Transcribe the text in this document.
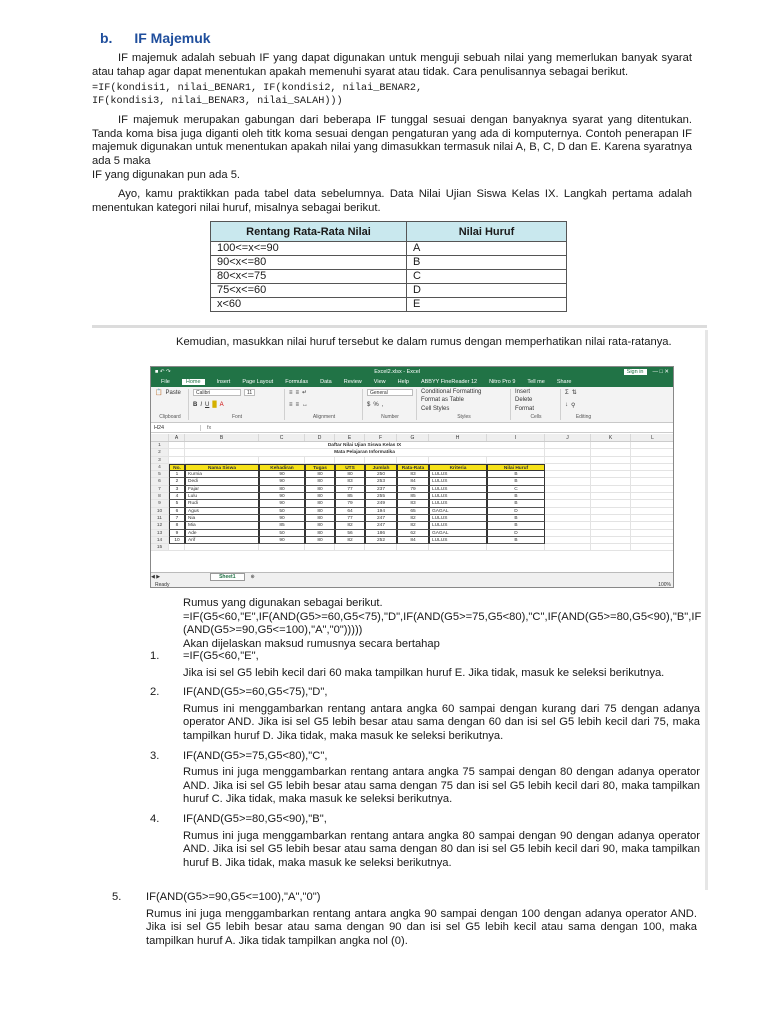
b. IF Majemuk

IF majemuk adalah sebuah IF yang dapat digunakan untuk menguji sebuah nilai yang memerlukan banyak syarat atau tahap agar dapat menentukan apakah memenuhi syarat atau tidak. Cara penulisannya sebagai berikut.

=IF(kondisi1, nilai_BENAR1, IF(kondisi2, nilai_BENAR2,
IF(kondisi3, nilai_BENAR3, nilai_SALAH)))

IF majemuk merupakan gabungan dari beberapa IF tunggal sesuai dengan banyaknya syarat yang ditentukan. Tanda koma bisa juga diganti oleh titk koma sesuai dengan pengaturan yang ada di komputernya. Contoh penerapan IF majemuk digunakan untuk menentukan apakah nilai yang dimasukkan termasuk nilai A, B, C, D dan E. Karena syaratnya ada 5 maka

IF yang digunakan pun ada 5.

Ayo, kamu praktikkan pada tabel data sebelumnya. Data Nilai Ujian Siswa Kelas IX. Langkah pertama adalah menentukan kategori nilai huruf, misalnya sebagai berikut.

Rentang Rata-Rata Nilai	Nilai Huruf
100<=x<=90	A
90<x<=80	B
80<x<=75	C
75<x<=60	D
x<60	E

Kemudian, masukkan nilai huruf tersebut ke dalam rumus dengan memperhatikan nilai rata-ratanya.

■ ↶ ↷	Excel2.xlsx - Excel	Sign in	— □ ✕
File	Home	Insert Page Layout Formulas Data Review View Help ABBYY FineReader 12 Nitro Pro 9 Tell me Share
📋 Paste
Clipboard
Calibri	11
B I U █ A
Font
≡ ≡ ↵
≡ ≡ ↔
Alignment
General
$ % ,
Number
Conditional Formatting
Format as Table
Cell Styles
Styles
Insert
Delete
Format
Cells
Σ ⇅
↓ ⚲
Editing
H24	fx
A	B	C	D	E	F	G	H	I	J	K	L
1	Daftar Nilai Ujian Siswa Kelas IX
2	Mata Pelajaran Informatika
3
4	No.	Nama Siswa	Kehadiran	Tugas	UTS	Jumlah	Rata-Rata	Kriteria	Nilai Huruf
5	1	Kurnia	90	80	80	250	83	LULUS	B
6	2	Dedi	90	80	83	253	84	LULUS	B
7	3	Fajar	80	80	77	237	79	LULUS	C
8	4	Lulu	90	80	85	255	85	LULUS	B
9	5	Rudi	90	80	79	249	83	LULUS	B
10	6	Agus	50	80	64	194	65	GAGAL	D
11	7	Nia	90	80	77	247	82	LULUS	B
12	8	Mia	85	80	82	247	82	LULUS	B
13	9	Ade	50	80	56	186	62	GAGAL	D
14	10	Arif	90	80	82	252	84	LULUS	B
15
◀ ▶	Sheet1	⊕
Ready	100%

Rumus yang digunakan sebagai berikut.

=IF(G5<60,"E",IF(AND(G5>=60,G5<75),"D",IF(AND(G5>=75,G5<80),"C",IF(AND(G5>=80,G5<90),"B",IF(AND(G5>=90,G5<=100),"A","0")))))

Akan dijelaskan maksud rumusnya secara bertahap

1.	=IF(G5<60,"E",

Jika isi sel G5 lebih kecil dari 60 maka tampilkan huruf E. Jika tidak, masuk ke seleksi berikutnya.

2.	IF(AND(G5>=60,G5<75),"D",

Rumus ini menggambarkan rentang antara angka 60 sampai dengan kurang dari 75 dengan adanya operator AND. Jika isi sel G5 lebih besar atau sama dengan 60 dan isi sel G5 lebih kecil dari 75, maka tampilkan huruf D. Jika tidak, maka masuk ke seleksi berikutnya.

3.	IF(AND(G5>=75,G5<80),"C",

Rumus ini juga menggambarkan rentang antara angka 75 sampai dengan 80 dengan adanya operator AND. Jika isi sel G5 lebih besar atau sama dengan 75 dan isi sel G5 lebih kecil dari 80, maka tampilkan huruf C. Jika tidak, maka masuk ke seleksi berikutnya.

4.	IF(AND(G5>=80,G5<90),"B",

Rumus ini juga menggambarkan rentang antara angka 80 sampai dengan 90 dengan adanya operator AND. Jika isi sel G5 lebih besar atau sama dengan 80 dan isi sel G5 lebih kecil dari 90, maka tampilkan huruf B. Jika tidak, maka masuk ke seleksi berikutnya.

5.	IF(AND(G5>=90,G5<=100),"A","0")

Rumus ini juga menggambarkan rentang antara angka 90 sampai dengan 100 dengan adanya operator AND. Jika isi sel G5 lebih besar atau sama dengan 90 dan isi sel G5 lebih kecil atau sama dengan 100, maka tampilkan huruf A. Jika tidak tampilkan angka nol (0).
